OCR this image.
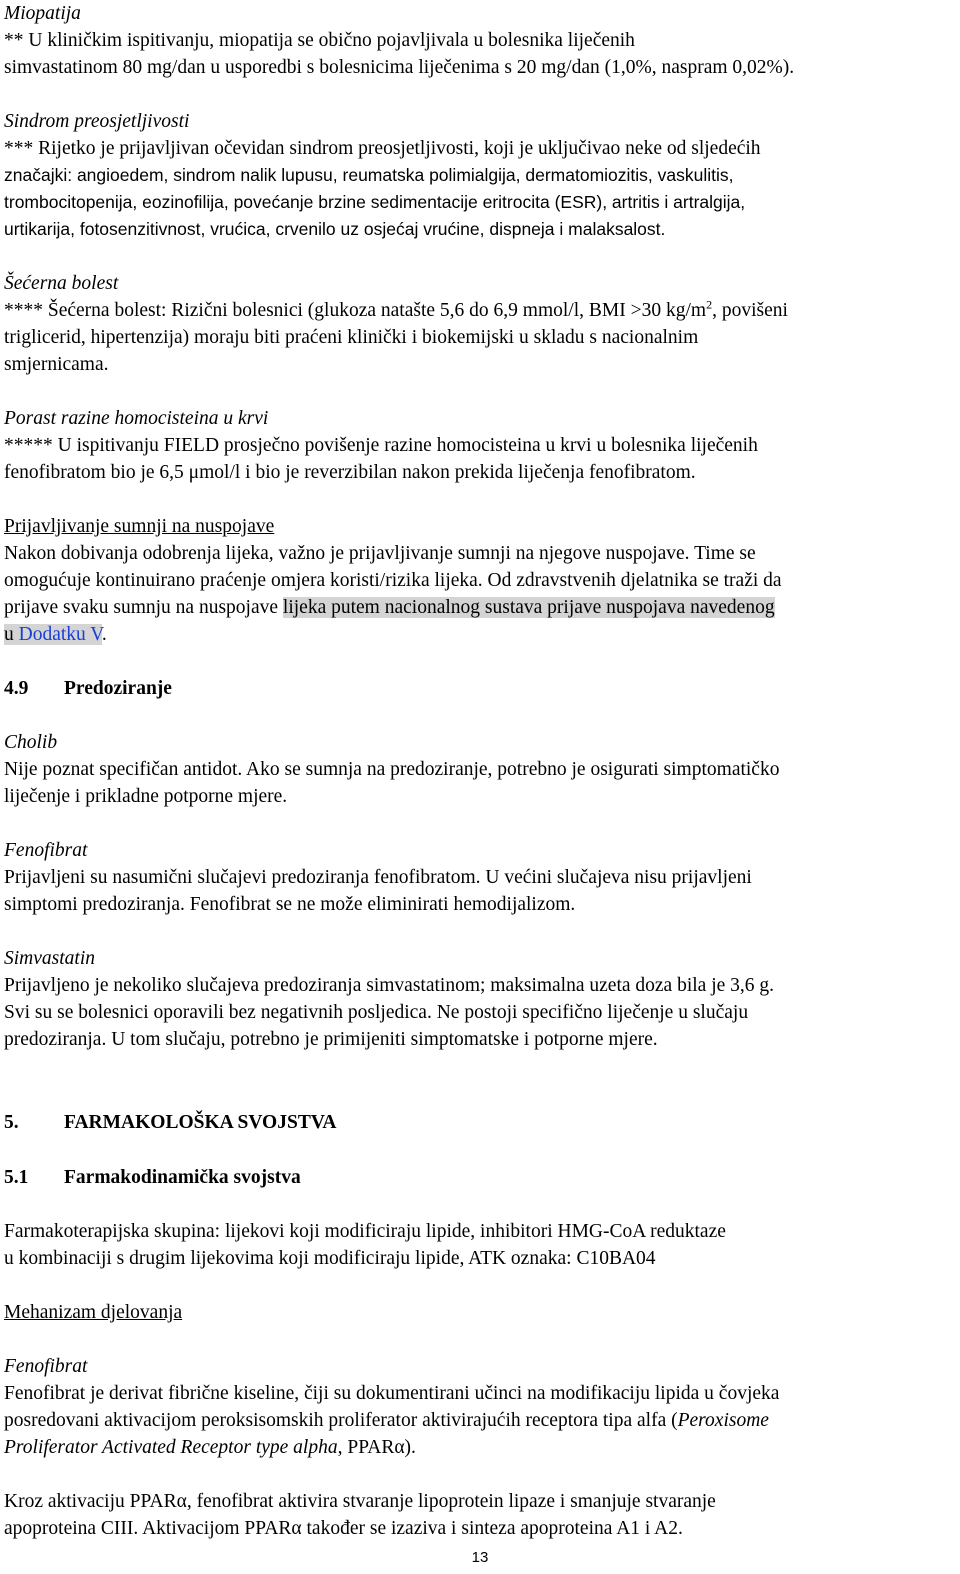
Miopatija

** U kliničkim ispitivanju, miopatija se obično pojavljivala u bolesnika liječenih

simvastatinom 80 mg/dan u usporedbi s bolesnicima liječenima s 20 mg/dan (1,0%, naspram 0,02%).

Sindrom preosjetljivosti

*** Rijetko je prijavljivan očevidan sindrom preosjetljivosti, koji je uključivao neke od sljedećih

značajki: angioedem, sindrom nalik lupusu, reumatska polimialgija, dermatomiozitis, vaskulitis,

trombocitopenija, eozinofilija, povećanje brzine sedimentacije eritrocita (ESR), artritis i artralgija,

urtikarija, fotosenzitivnost, vrućica, crvenilo uz osjećaj vrućine, dispneja i malaksalost.

Šećerna bolest

**** Šećerna bolest: Rizični bolesnici (glukoza natašte 5,6 do 6,9 mmol/l, BMI >30 $kg/m^2$, povišeni

triglicerid, hipertenzija) moraju biti praćeni klinički i biokemijski u skladu s nacionalnim

smjernicama.

Porast razine homocisteina u krvi

***** U ispitivanju FIELD prosječno povišenje razine homocisteina u krvi u bolesnika liječenih

fenofibratom bio je 6,5 μmol/l i bio je reverzibilan nakon prekida liječenja fenofibratom.

Prijavljivanje sumnji na nuspojave

Nakon dobivanja odobrenja lijeka, važno je prijavljivanje sumnji na njegove nuspojave. Time se

omogućuje kontinuirano praćenje omjera koristi/rizika lijeka. Od zdravstvenih djelatnika se traži da

prijave svaku sumnju na nuspojave lijeka putem nacionalnog sustava prijave nuspojava navedenog

u Dodatku V.

4.9 Predoziranje

Cholib

Nije poznat specifičan antidot. Ako se sumnja na predoziranje, potrebno je osigurati simptomatičko

liječenje i prikladne potporne mjere.

Fenofibrat

Prijavljeni su nasumični slučajevi predoziranja fenofibratom. U većini slučajeva nisu prijavljeni

simptomi predoziranja. Fenofibrat se ne može eliminirati hemodijalizom.

Simvastatin

Prijavljeno je nekoliko slučajeva predoziranja simvastatinom; maksimalna uzeta doza bila je 3,6 g.

Svi su se bolesnici oporavili bez negativnih posljedica. Ne postoji specifično liječenje u slučaju

predoziranja. U tom slučaju, potrebno je primijeniti simptomatske i potporne mjere.

5. FARMAKOLOŠKA SVOJSTVA

5.1 Farmakodinamička svojstva

Farmakoterapijska skupina: lijekovi koji modificiraju lipide, inhibitori HMG-CoA reduktaze

u kombinaciji s drugim lijekovima koji modificiraju lipide, ATK oznaka: C10BA04

Mehanizam djelovanja

Fenofibrat

Fenofibrat je derivat fibrične kiseline, čiji su dokumentirani učinci na modifikaciju lipida u čovjeka

posredovani aktivacijom peroksisomskih proliferator aktivirajućih receptora tipa alfa (Peroxisome

Proliferator Activated Receptor type alpha, PPARα).

Kroz aktivaciju PPARα, fenofibrat aktivira stvaranje lipoprotein lipaze i smanjuje stvaranje

apoproteina CIII. Aktivacijom PPARα također se izaziva i sinteza apoproteina A1 i A2.

13
